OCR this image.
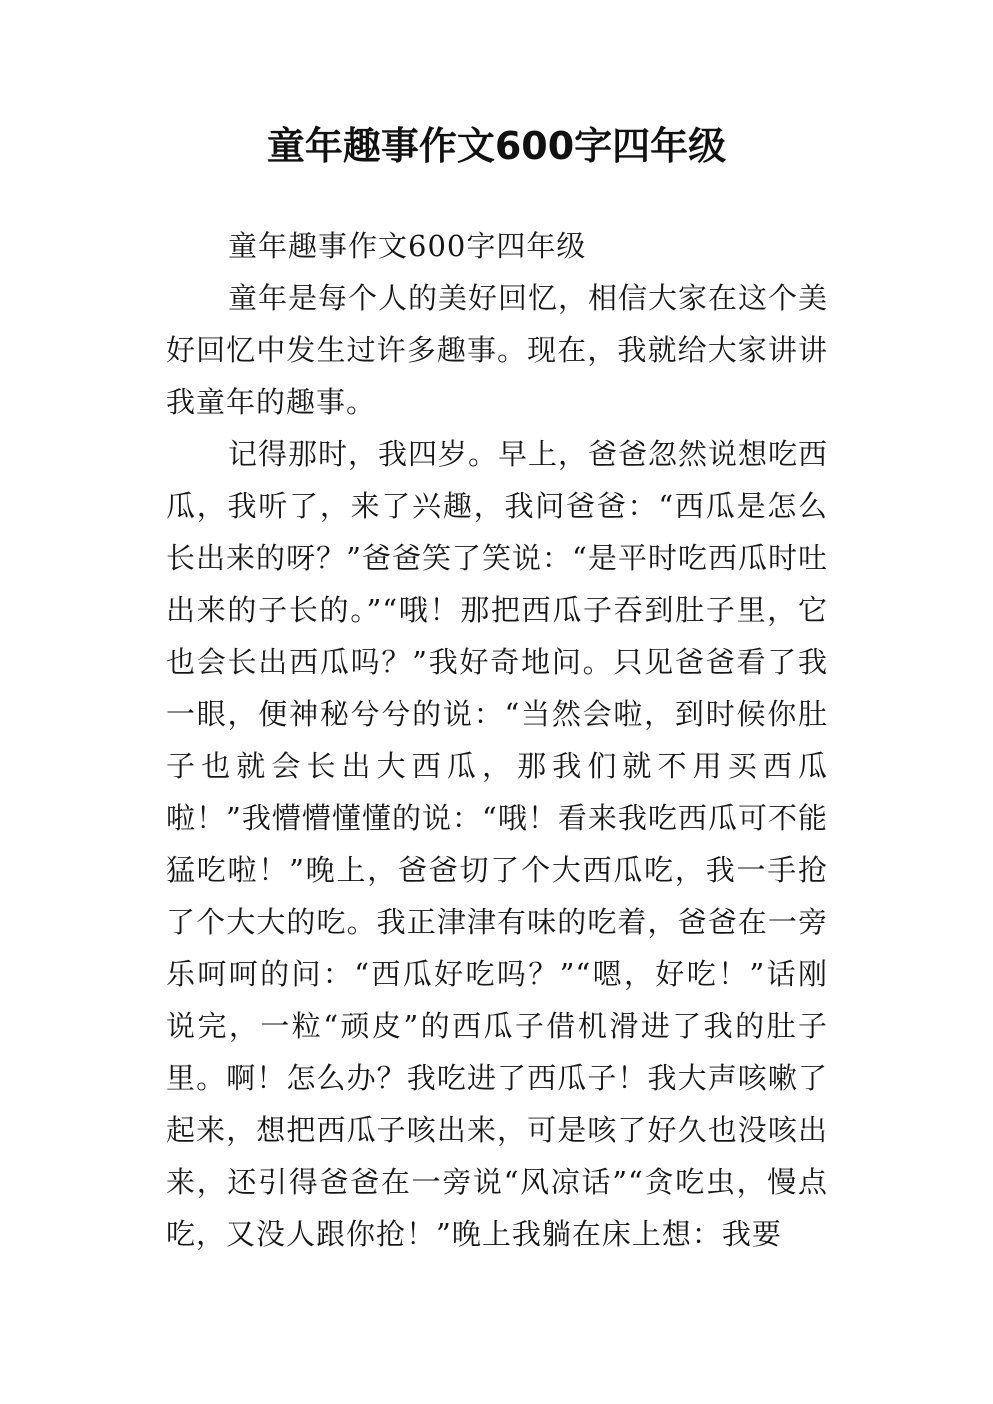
童年趣事作文600字四年级

童年趣事作文600字四年级

童年是每个人的美好回忆，相信大家在这个美好回忆中发生过许多趣事。现在，我就给大家讲讲我童年的趣事。

记得那时，我四岁。早上，爸爸忽然说想吃西瓜，我听了，来了兴趣，我问爸爸：“西瓜是怎么长出来的呀？”爸爸笑了笑说：“是平时吃西瓜时吐出来的子长的。”“哦！那把西瓜子吞到肚子里，它也会长出西瓜吗？”我好奇地问。只见爸爸看了我一眼，便神秘兮兮的说：“当然会啦，到时候你肚子也就会长出大西瓜，那我们就不用买西瓜啦！”我懵懵懂懂的说：“哦！看来我吃西瓜可不能猛吃啦！”晚上，爸爸切了个大西瓜吃，我一手抢了个大大的吃。我正津津有味的吃着，爸爸在一旁乐呵呵的问：“西瓜好吃吗？”“嗯，好吃！”话刚说完，一粒“顽皮”的西瓜子借机滑进了我的肚子里。啊！怎么办？我吃进了西瓜子！我大声咳嗽了起来，想把西瓜子咳出来，可是咳了好久也没咳出来，还引得爸爸在一旁说“风凉话”“贪吃虫，慢点吃，又没人跟你抢！”晚上我躺在床上想：我要
